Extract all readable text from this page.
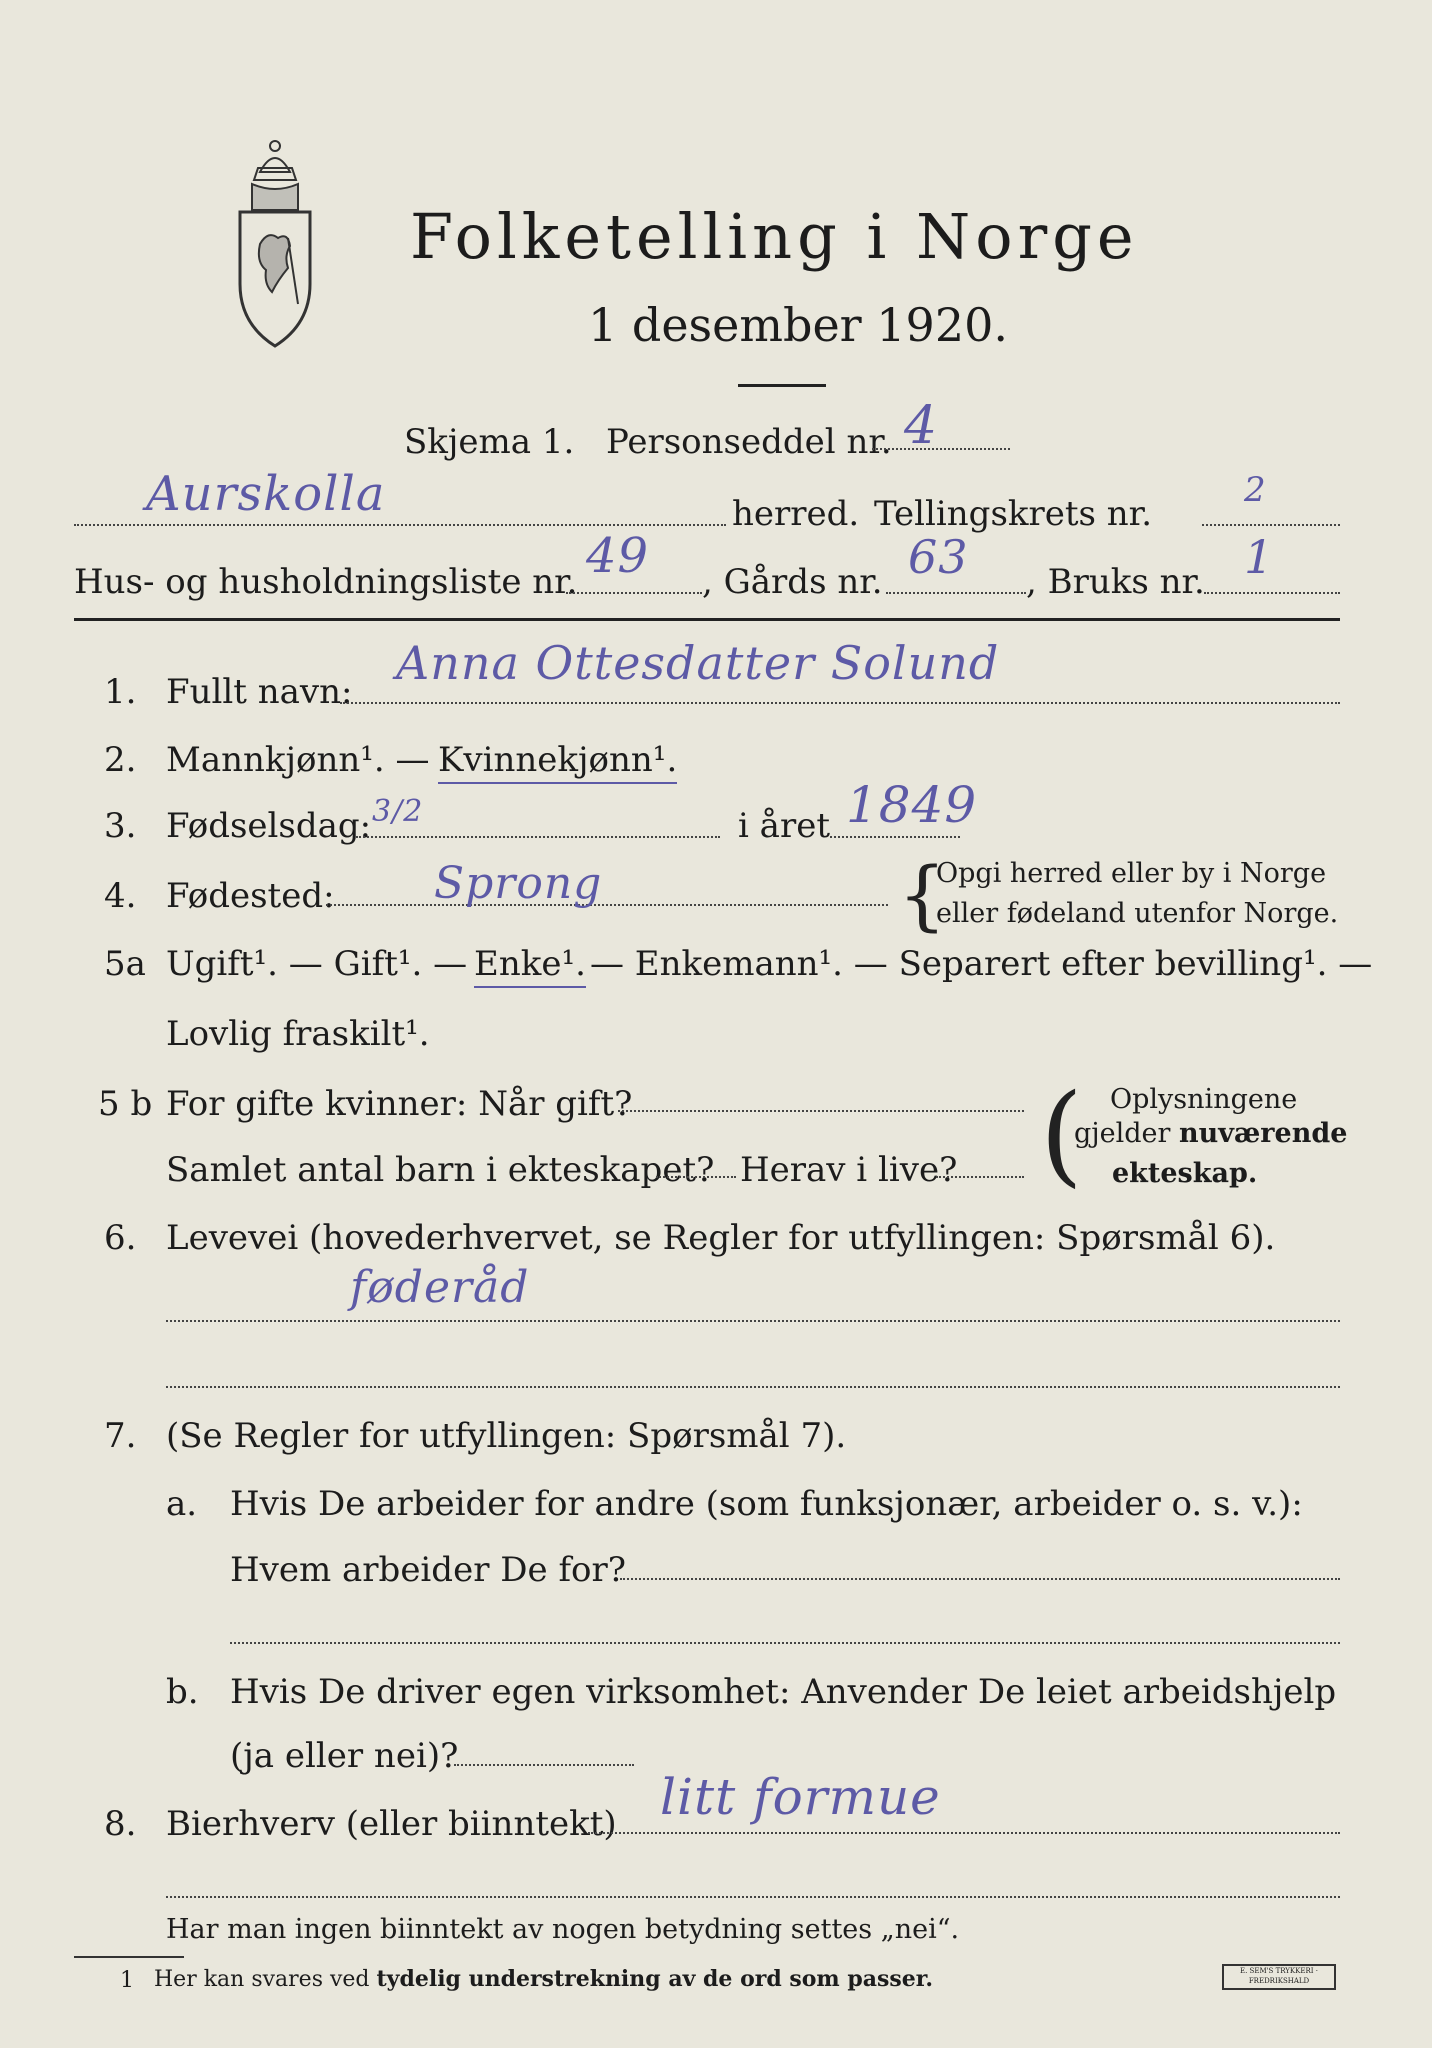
Folketelling i Norge
1 desember 1920.
Skjema 1. Personseddel nr. 4
Aurskolla	herred. Tellingskrets nr.
2
Hus- og husholdningsliste nr. 49 , Gårds nr. 63 , Bruks nr. 1
1. Fullt navn:
Anna Ottesdatter Solund
2. Mannkjønn¹. — Kvinnekjønn¹.
3. Fødselsdag: 3/2	i året 1849
4. Fødested: Sprong	{
Opgi herred eller by i Norge
eller fødeland utenfor Norge.
5a Ugift¹. — Gift¹. — Enke¹. — Enkemann¹. — Separert efter bevilling¹. —
Lovlig fraskilt¹.
5 b For gifte kvinner: Når gift?
Samlet antal barn i ekteskapet? Herav i live? ( Oplysningene
gjelder nuværende
ekteskap.
6. Levevei (hovederhvervet, se Regler for utfyllingen: Spørsmål 6).
føderåd
7. (Se Regler for utfyllingen: Spørsmål 7).
a. Hvis De arbeider for andre (som funksjonær, arbeider o. s. v.):
Hvem arbeider De for?
b. Hvis De driver egen virksomhet: Anvender De leiet arbeidshjelp
(ja eller nei)?
8. Bierhverv (eller biinntekt) litt formue
Har man ingen biinntekt av nogen betydning settes „nei“.
1 Her kan svares ved tydelig understrekning av de ord som passer.	E. SEM'S TRYKKERI · FREDRIKSHALD
